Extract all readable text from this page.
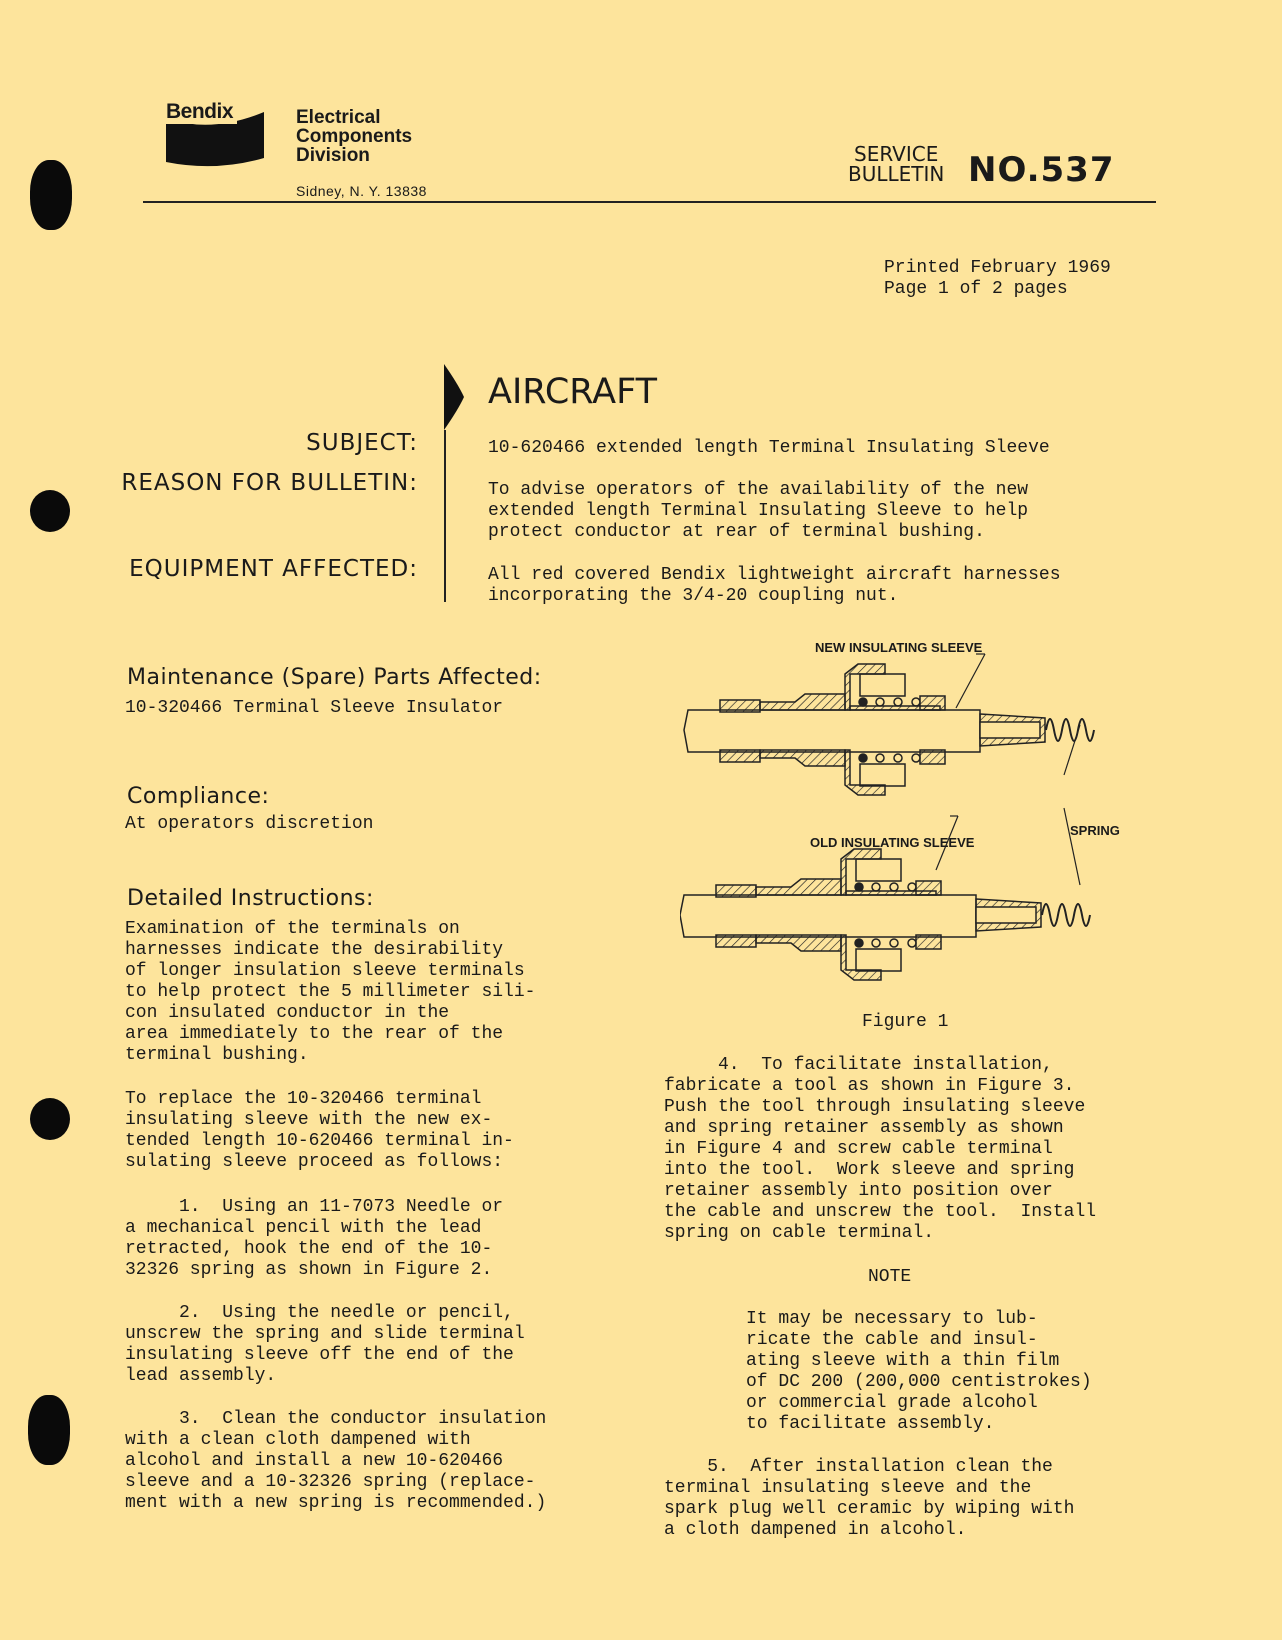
Bendix	Electrical
Components
Division
Sidney, N. Y. 13838
SERVICE
BULLETIN NO.537
Printed February 1969
Page 1 of 2 pages
AIRCRAFT
SUBJECT:	10-620466 extended length Terminal Insulating Sleeve
REASON FOR BULLETIN:	To advise operators of the availability of the new
extended length Terminal Insulating Sleeve to help
protect conductor at rear of terminal bushing.
EQUIPMENT AFFECTED:	All red covered Bendix lightweight aircraft harnesses
incorporating the 3/4-20 coupling nut.
Maintenance (Spare) Parts Affected:
10-320466 Terminal Sleeve Insulator
Compliance:
At operators discretion
Detailed Instructions:
Examination of the terminals on
harnesses indicate the desirability
of longer insulation sleeve terminals
to help protect the 5 millimeter sili-
con insulated conductor in the
area immediately to the rear of the
terminal bushing.
To replace the 10-320466 terminal
insulating sleeve with the new ex-
tended length 10-620466 terminal in-
sulating sleeve proceed as follows:
1.  Using an 11-7073 Needle or
a mechanical pencil with the lead
retracted, hook the end of the 10-
32326 spring as shown in Figure 2.
2.  Using the needle or pencil,
unscrew the spring and slide terminal
insulating sleeve off the end of the
lead assembly.
3.  Clean the conductor insulation
with a clean cloth dampened with
alcohol and install a new 10-620466
sleeve and a 10-32326 spring (replace-
ment with a new spring is recommended.)
4.  To facilitate installation,
fabricate a tool as shown in Figure 3.
Push the tool through insulating sleeve
and spring retainer assembly as shown
in Figure 4 and screw cable terminal
into the tool.  Work sleeve and spring
retainer assembly into position over
the cable and unscrew the tool.  Install
spring on cable terminal.
NOTE
It may be necessary to lub-
ricate the cable and insul-
ating sleeve with a thin film
of DC 200 (200,000 centistrokes)
or commercial grade alcohol
to facilitate assembly.
5.  After installation clean the
terminal insulating sleeve and the
spark plug well ceramic by wiping with
a cloth dampened in alcohol.
NEW INSULATING SLEEVE
OLD INSULATING SLEEVE
SPRING
Figure 1
